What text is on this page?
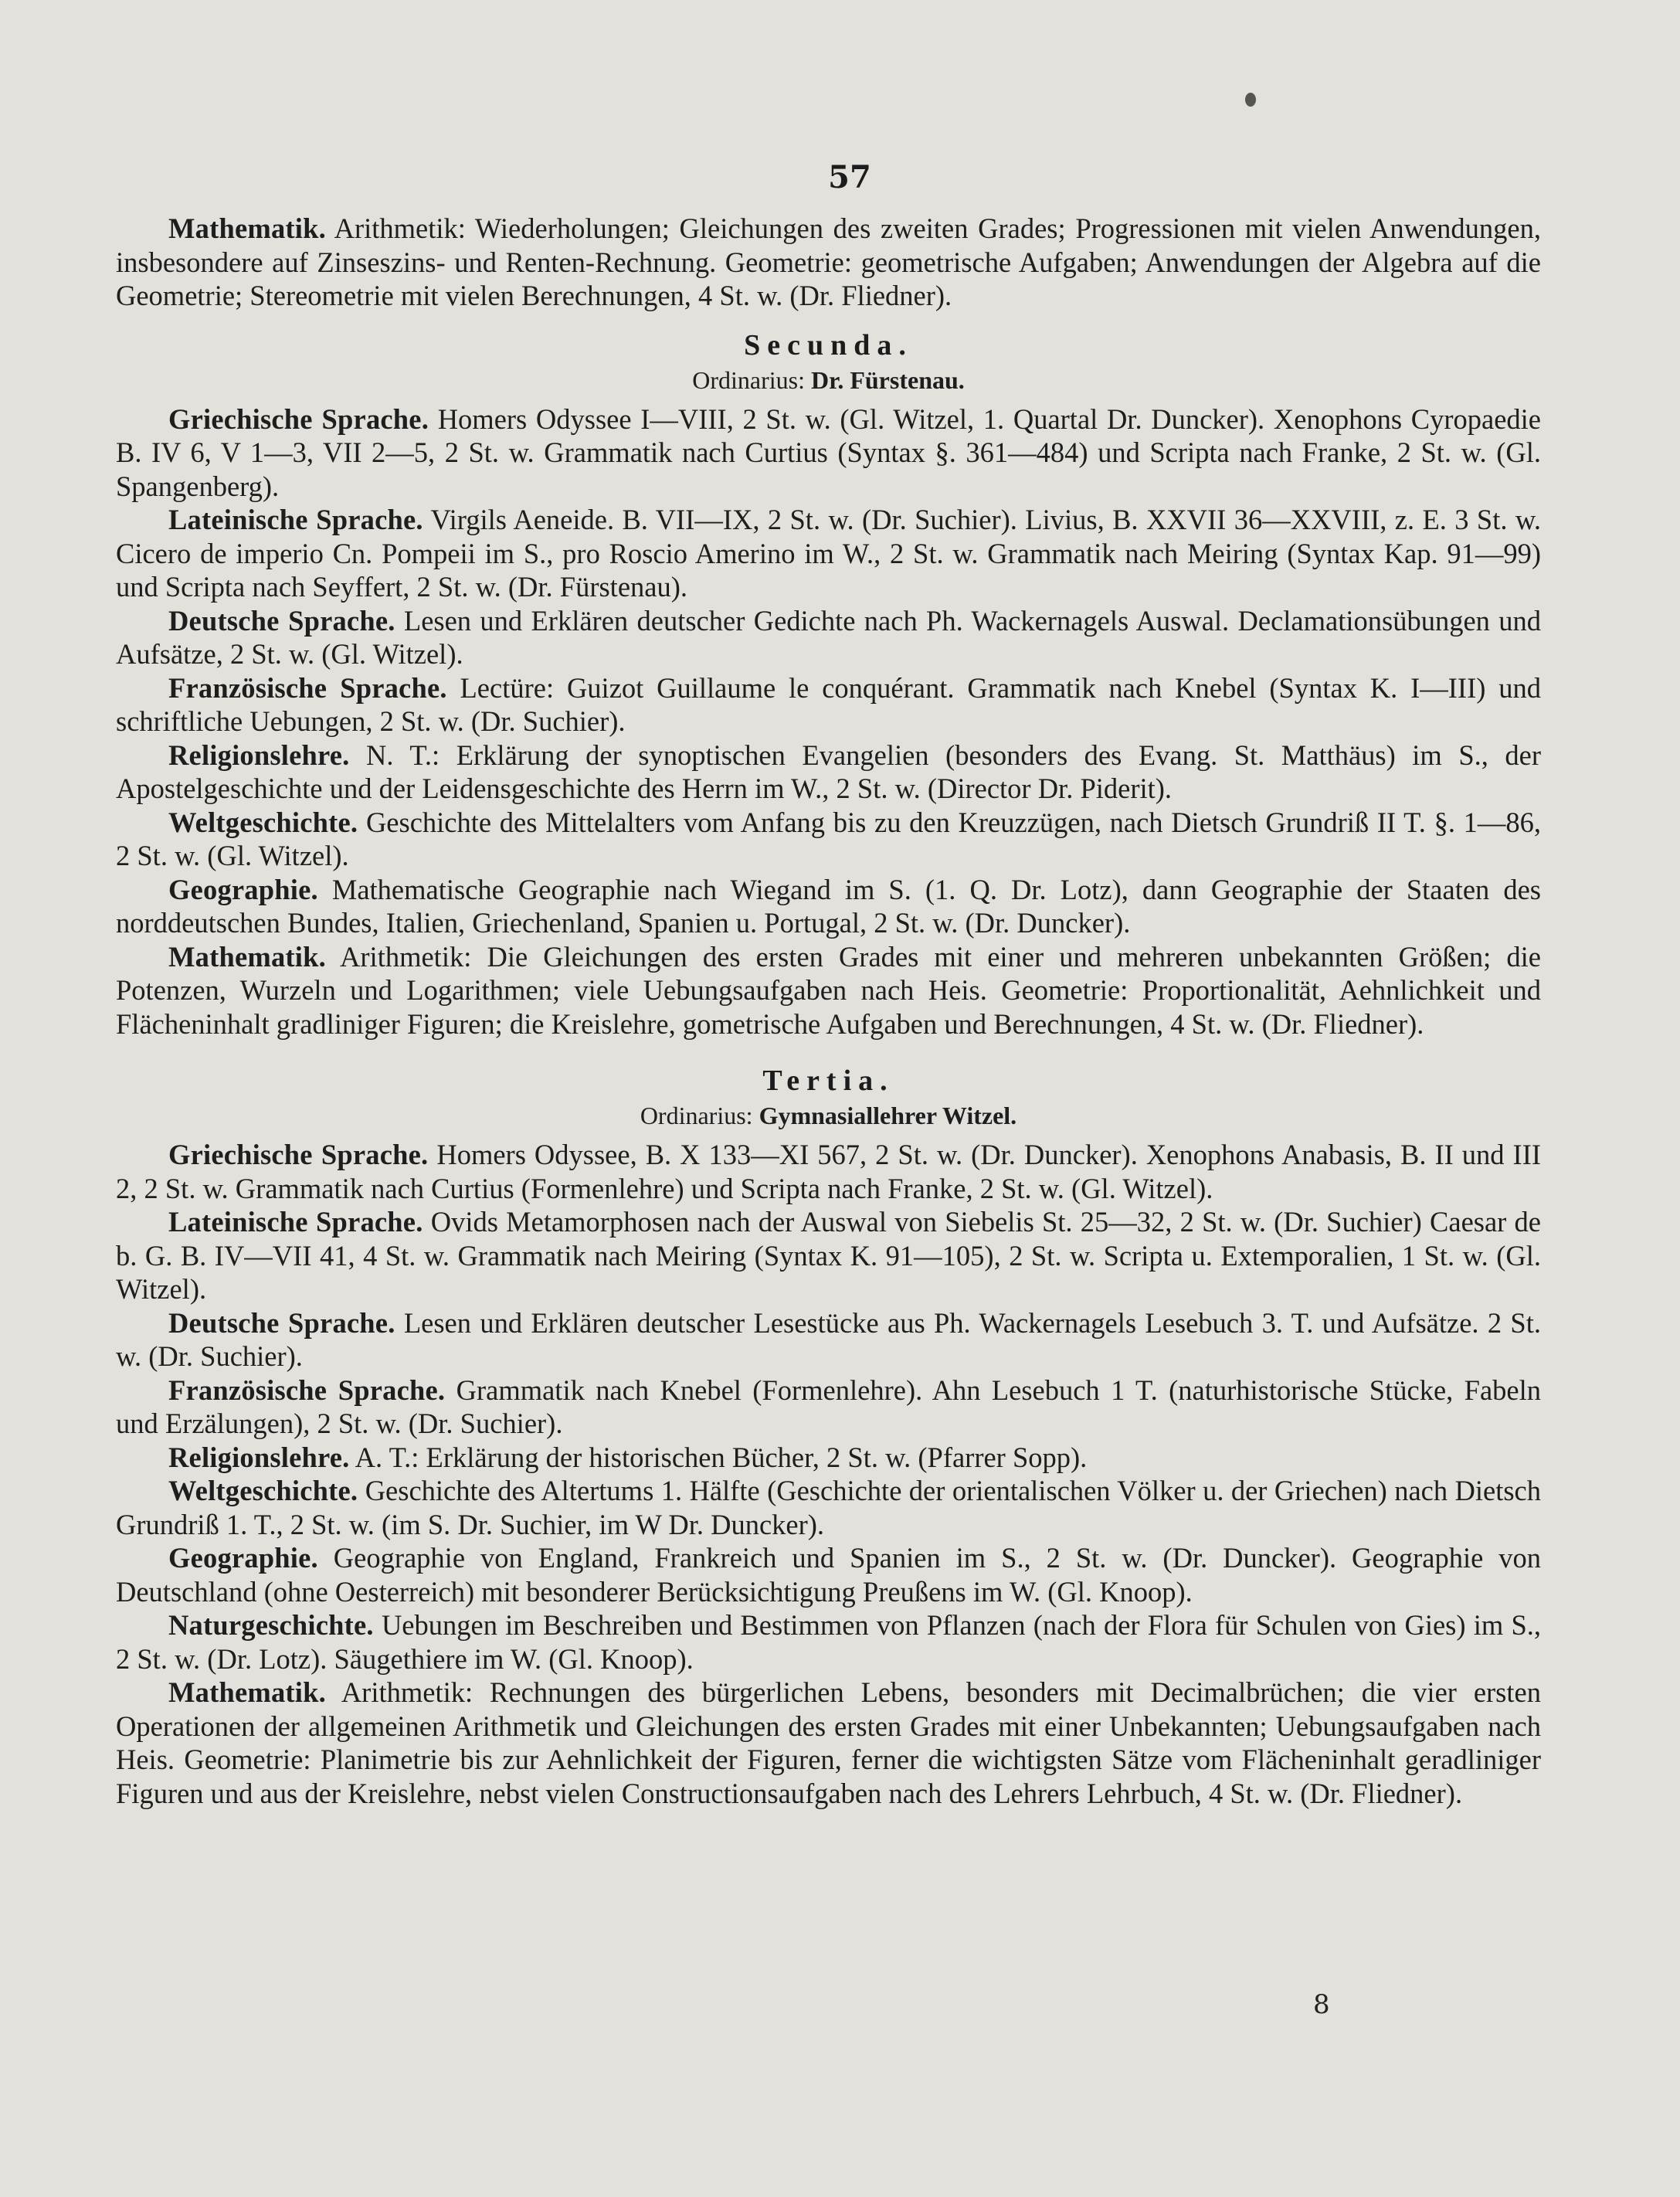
57

Mathematik. Arithmetik: Wiederholungen; Gleichungen des zweiten Grades; Progressionen mit vielen Anwendungen, insbesondere auf Zinseszins- und Renten-Rechnung. Geometrie: geometrische Aufgaben; Anwendungen der Algebra auf die Geometrie; Stereometrie mit vielen Berechnungen, 4 St. w. (Dr. Fliedner).

Secunda.
Ordinarius: Dr. Fürstenau.

Griechische Sprache. Homers Odyssee I—VIII, 2 St. w. (Gl. Witzel, 1. Quartal Dr. Duncker). Xenophons Cyropaedie B. IV 6, V 1—3, VII 2—5, 2 St. w. Grammatik nach Curtius (Syntax §. 361—484) und Scripta nach Franke, 2 St. w. (Gl. Spangenberg).

Lateinische Sprache. Virgils Aeneide. B. VII—IX, 2 St. w. (Dr. Suchier). Livius, B. XXVII 36—XXVIII, z. E. 3 St. w. Cicero de imperio Cn. Pompeii im S., pro Roscio Amerino im W., 2 St. w. Grammatik nach Meiring (Syntax Kap. 91—99) und Scripta nach Seyffert, 2 St. w. (Dr. Fürstenau).

Deutsche Sprache. Lesen und Erklären deutscher Gedichte nach Ph. Wackernagels Auswal. Declamationsübungen und Aufsätze, 2 St. w. (Gl. Witzel).

Französische Sprache. Lectüre: Guizot Guillaume le conquérant. Grammatik nach Knebel (Syntax K. I—III) und schriftliche Uebungen, 2 St. w. (Dr. Suchier).

Religionslehre. N. T.: Erklärung der synoptischen Evangelien (besonders des Evang. St. Matthäus) im S., der Apostelgeschichte und der Leidensgeschichte des Herrn im W., 2 St. w. (Director Dr. Piderit).

Weltgeschichte. Geschichte des Mittelalters vom Anfang bis zu den Kreuzzügen, nach Dietsch Grundriß II T. §. 1—86, 2 St. w. (Gl. Witzel).

Geographie. Mathematische Geographie nach Wiegand im S. (1. Q. Dr. Lotz), dann Geographie der Staaten des norddeutschen Bundes, Italien, Griechenland, Spanien u. Portugal, 2 St. w. (Dr. Duncker).

Mathematik. Arithmetik: Die Gleichungen des ersten Grades mit einer und mehreren unbekannten Größen; die Potenzen, Wurzeln und Logarithmen; viele Uebungsaufgaben nach Heis. Geometrie: Proportionalität, Aehnlichkeit und Flächeninhalt gradliniger Figuren; die Kreislehre, gometrische Aufgaben und Berechnungen, 4 St. w. (Dr. Fliedner).

Tertia.
Ordinarius: Gymnasiallehrer Witzel.

Griechische Sprache. Homers Odyssee, B. X 133—XI 567, 2 St. w. (Dr. Duncker). Xenophons Anabasis, B. II und III 2, 2 St. w. Grammatik nach Curtius (Formenlehre) und Scripta nach Franke, 2 St. w. (Gl. Witzel).

Lateinische Sprache. Ovids Metamorphosen nach der Auswal von Siebelis St. 25—32, 2 St. w. (Dr. Suchier) Caesar de b. G. B. IV—VII 41, 4 St. w. Grammatik nach Meiring (Syntax K. 91—105), 2 St. w. Scripta u. Extemporalien, 1 St. w. (Gl. Witzel).

Deutsche Sprache. Lesen und Erklären deutscher Lesestücke aus Ph. Wackernagels Lesebuch 3. T. und Aufsätze. 2 St. w. (Dr. Suchier).

Französische Sprache. Grammatik nach Knebel (Formenlehre). Ahn Lesebuch 1 T. (naturhistorische Stücke, Fabeln und Erzälungen), 2 St. w. (Dr. Suchier).

Religionslehre. A. T.: Erklärung der historischen Bücher, 2 St. w. (Pfarrer Sopp).

Weltgeschichte. Geschichte des Altertums 1. Hälfte (Geschichte der orientalischen Völker u. der Griechen) nach Dietsch Grundriß 1. T., 2 St. w. (im S. Dr. Suchier, im W Dr. Duncker).

Geographie. Geographie von England, Frankreich und Spanien im S., 2 St. w. (Dr. Duncker). Geographie von Deutschland (ohne Oesterreich) mit besonderer Berücksichtigung Preußens im W. (Gl. Knoop).

Naturgeschichte. Uebungen im Beschreiben und Bestimmen von Pflanzen (nach der Flora für Schulen von Gies) im S., 2 St. w. (Dr. Lotz). Säugethiere im W. (Gl. Knoop).

Mathematik. Arithmetik: Rechnungen des bürgerlichen Lebens, besonders mit Decimalbrüchen; die vier ersten Operationen der allgemeinen Arithmetik und Gleichungen des ersten Grades mit einer Unbekannten; Uebungsaufgaben nach Heis. Geometrie: Planimetrie bis zur Aehnlichkeit der Figuren, ferner die wichtigsten Sätze vom Flächeninhalt geradliniger Figuren und aus der Kreislehre, nebst vielen Constructionsaufgaben nach des Lehrers Lehrbuch, 4 St. w. (Dr. Fliedner).

8
